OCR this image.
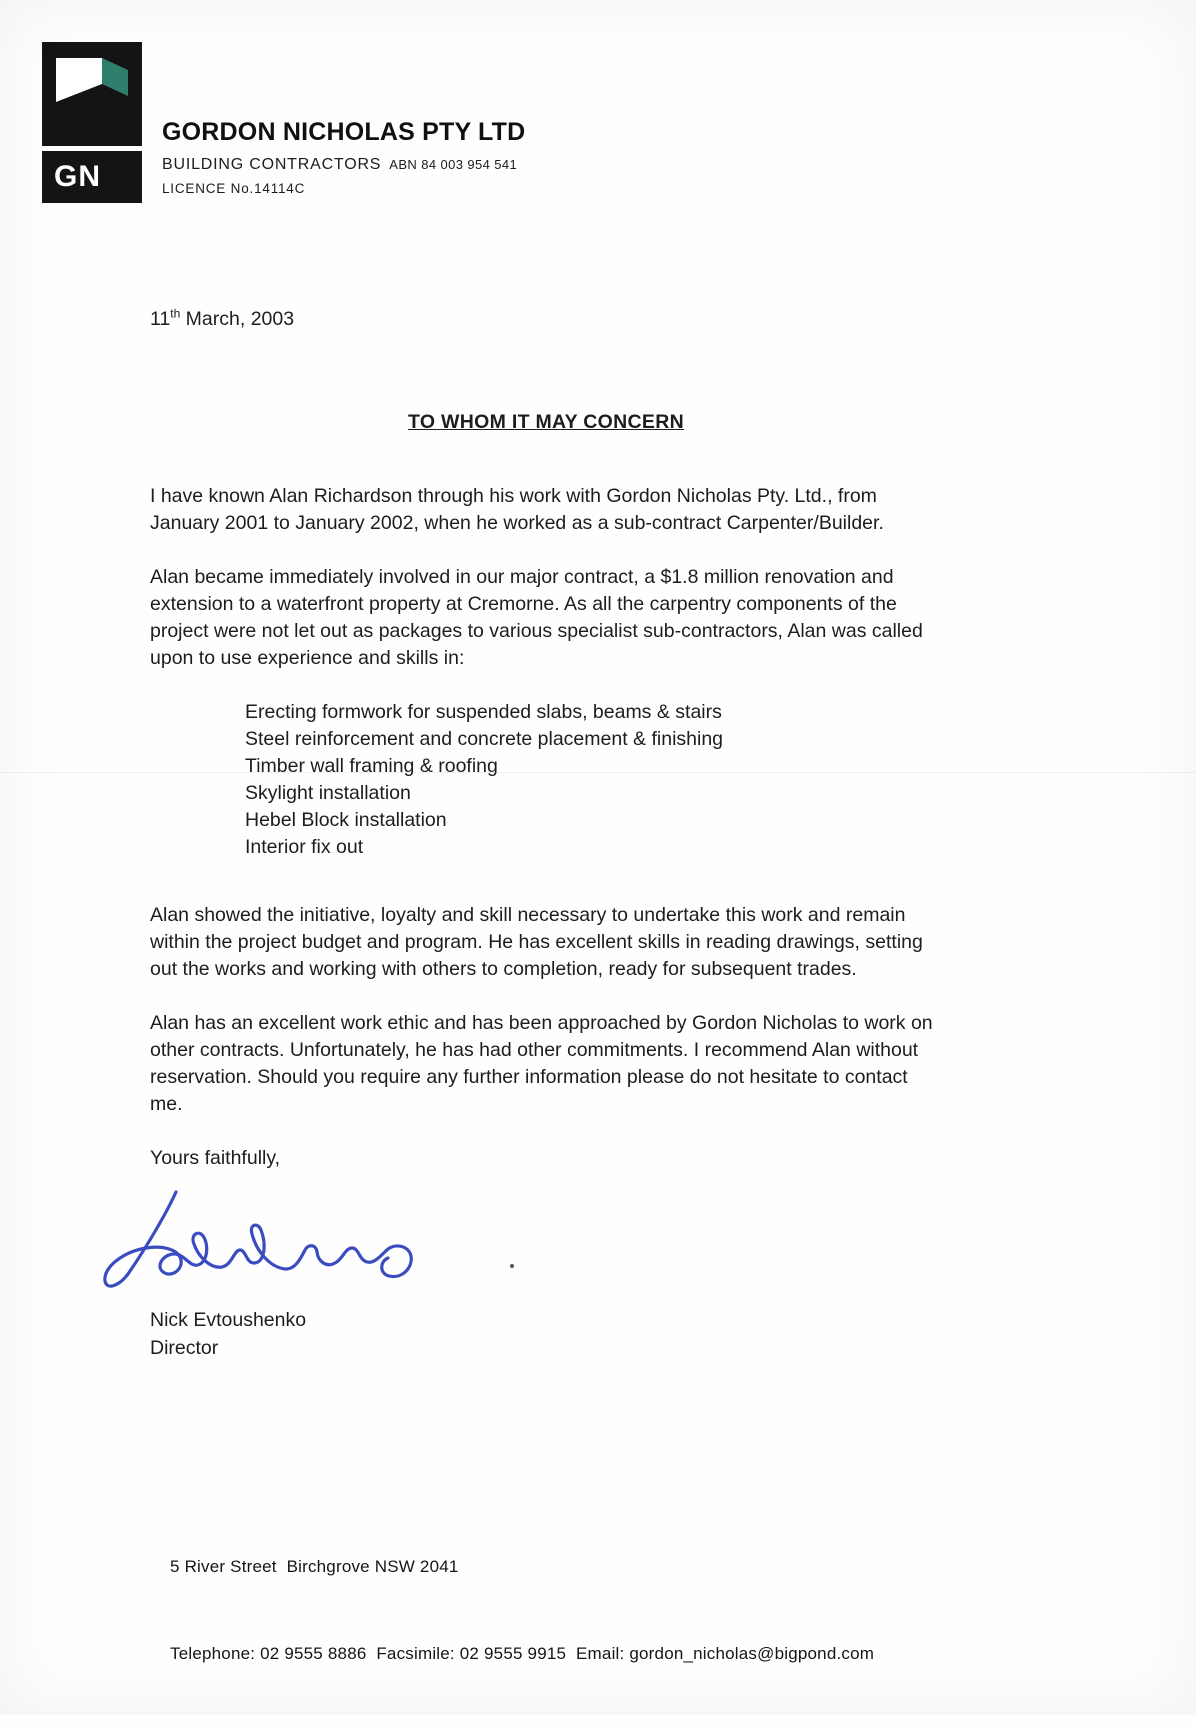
GN
GORDON NICHOLAS PTY LTD
BUILDING CONTRACTORS ABN 84 003 954 541
LICENCE No.14114C
11th March, 2003
TO WHOM IT MAY CONCERN

I have known Alan Richardson through his work with Gordon Nicholas Pty. Ltd., from January 2001 to January 2002, when he worked as a sub-contract Carpenter/Builder.

Alan became immediately involved in our major contract, a $1.8 million renovation and extension to a waterfront property at Cremorne. As all the carpentry components of the project were not let out as packages to various specialist sub-contractors, Alan was called upon to use experience and skills in:

Erecting formwork for suspended slabs, beams & stairs
Steel reinforcement and concrete placement & finishing
Timber wall framing & roofing
Skylight installation
Hebel Block installation
Interior fix out

Alan showed the initiative, loyalty and skill necessary to undertake this work and remain within the project budget and program. He has excellent skills in reading drawings, setting out the works and working with others to completion, ready for subsequent trades.

Alan has an excellent work ethic and has been approached by Gordon Nicholas to work on other contracts. Unfortunately, he has had other commitments. I recommend Alan without reservation. Should you require any further information please do not hesitate to contact me.

Yours faithfully,

Nick Evtoushenko
Director

5 River Street  Birchgrove NSW 2041

Telephone: 02 9555 8886  Facsimile: 02 9555 9915  Email: gordon_nicholas@bigpond.com
